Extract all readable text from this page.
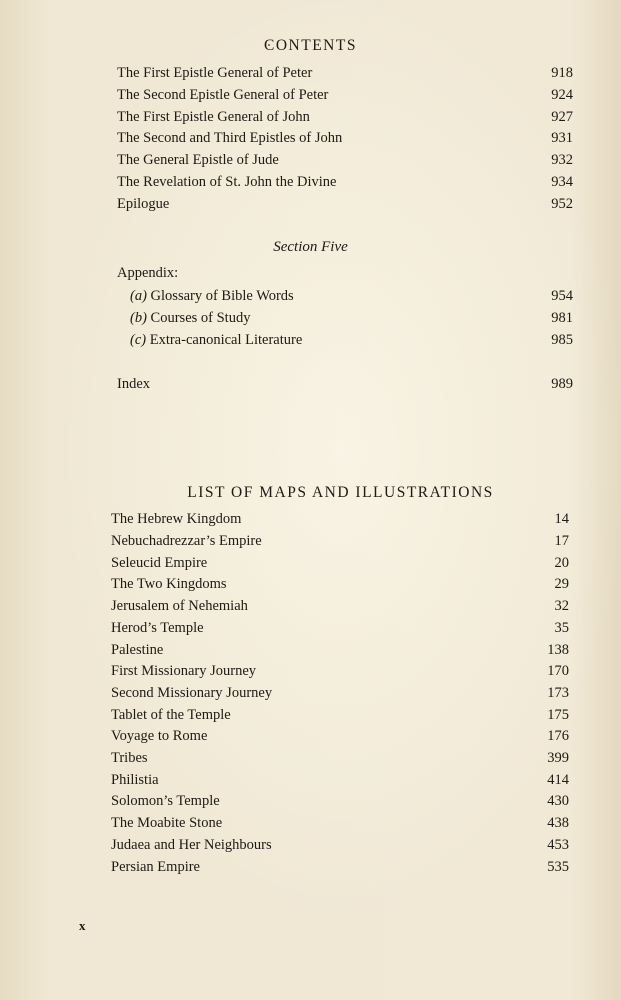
CONTENTS
The First Epistle General of Peter	918
The Second Epistle General of Peter	924
The First Epistle General of John	927
The Second and Third Epistles of John	931
The General Epistle of Jude	932
The Revelation of St. John the Divine	934
Epilogue	952
Section Five
Appendix:
(a) Glossary of Bible Words	954
(b) Courses of Study	981
(c) Extra-canonical Literature	985
Index	989
LIST OF MAPS AND ILLUSTRATIONS
The Hebrew Kingdom	14
Nebuchadrezzar’s Empire	17
Seleucid Empire	20
The Two Kingdoms	29
Jerusalem of Nehemiah	32
Herod’s Temple	35
Palestine	138
First Missionary Journey	170
Second Missionary Journey	173
Tablet of the Temple	175
Voyage to Rome	176
Tribes	399
Philistia	414
Solomon’s Temple	430
The Moabite Stone	438
Judaea and Her Neighbours	453
Persian Empire	535
x
